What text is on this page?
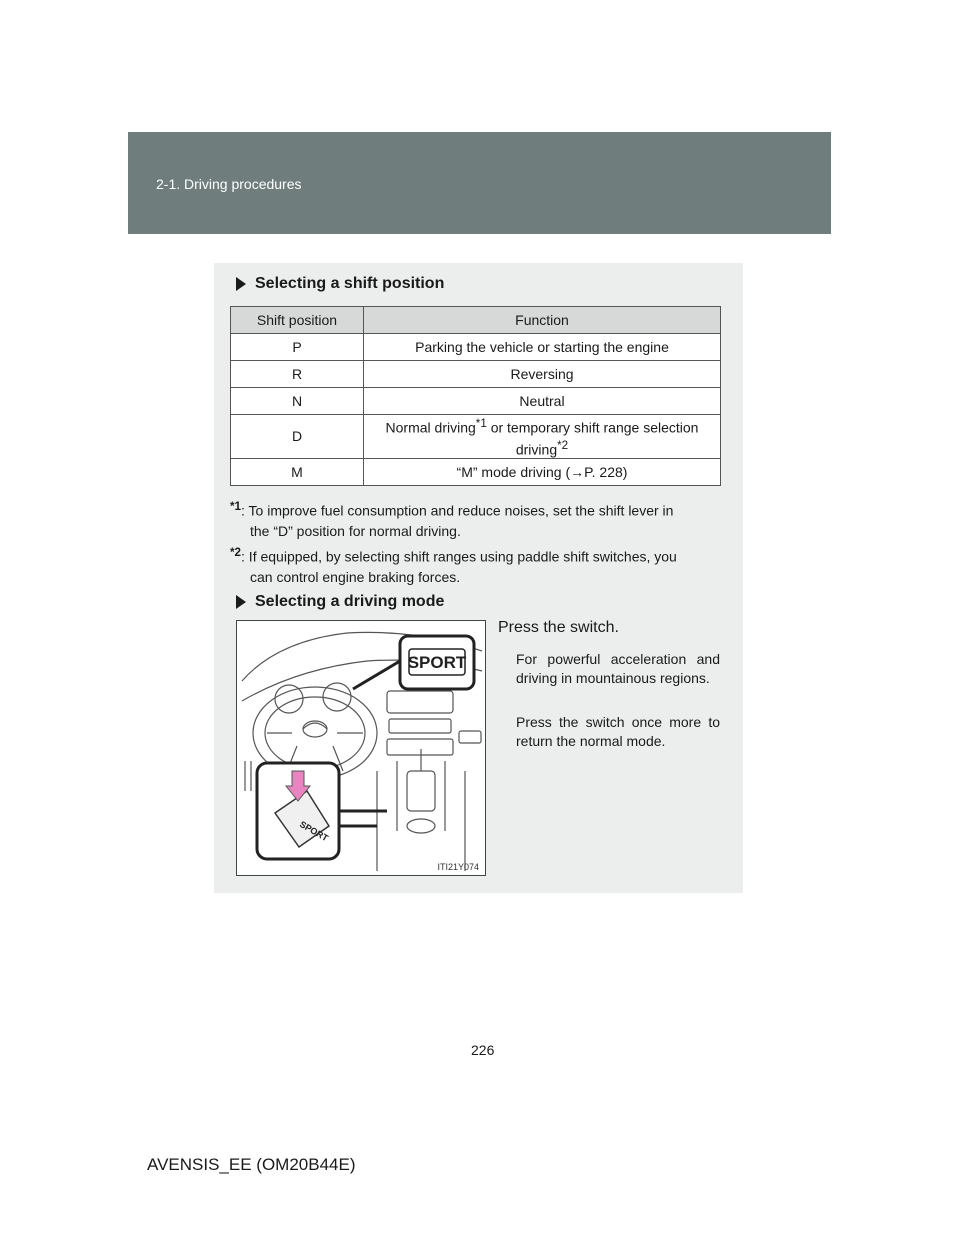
2-1. Driving procedures
Selecting a shift position
Shift position	Function
P	Parking the vehicle or starting the engine
R	Reversing
N	Neutral
D	Normal driving$^{*1}$ or temporary shift range selection driving$^{*2}$
M	“M” mode driving (→P. 228)
$^{*1}$: To improve fuel consumption and reduce noises, set the shift lever in
the “D” position for normal driving.
$^{*2}$: If equipped, by selecting shift ranges using paddle shift switches, you
can control engine braking forces.
Selecting a driving mode
SPORT
SPORT
ITI21Y074
Press the switch.
For powerful acceleration and driving in mountainous regions.
Press the switch once more to return the normal mode.
226
AVENSIS_EE (OM20B44E)
